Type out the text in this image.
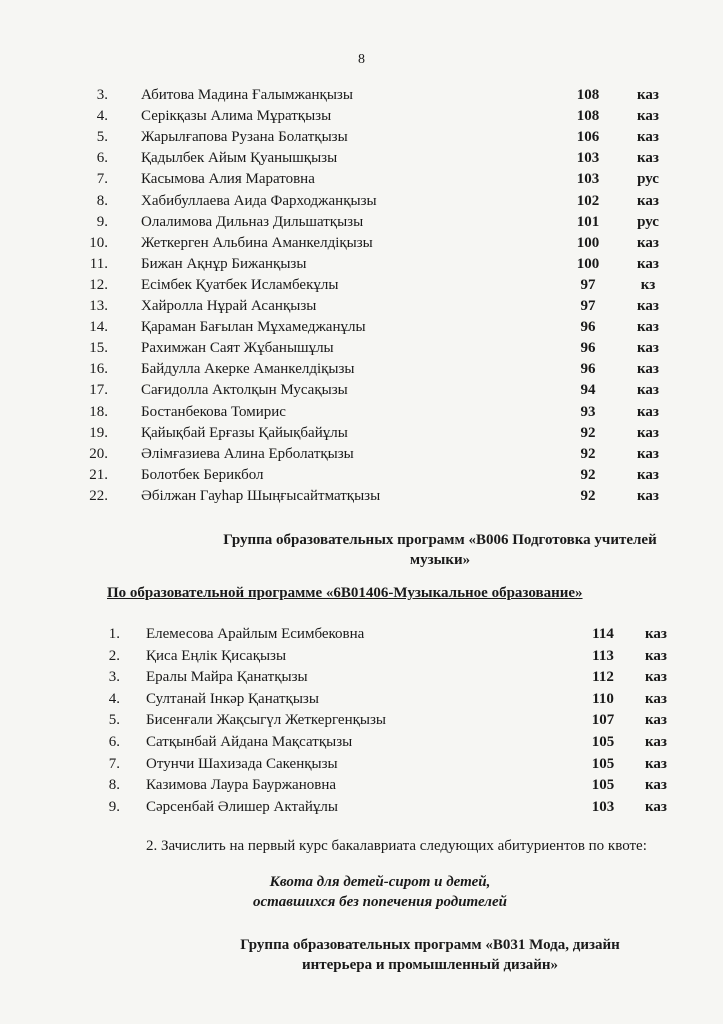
8
3. Абитова Мадина Ғалымжанқызы	108	каз
4. Серікқазы Алима Мұратқызы	108	каз
5. Жарылғапова Рузана Болатқызы	106	каз
6. Қадылбек Айым Қуанышқызы	103	каз
7. Касымова Алия Маратовна	103	рус
8. Хабибуллаева Аида Фарходжанқызы	102	каз
9. Олалимова Дильназ Дильшатқызы	101	рус
10. Жеткерген Альбина Аманкелдіқызы	100	каз
11. Бижан Ақнұр Бижанқызы	100	каз
12. Есімбек Қуатбек Исламбекұлы	97	кз
13. Хайролла Нұрай Асанқызы	97	каз
14. Қараман Бағылан Мұхамеджанұлы	96	каз
15. Рахимжан Саят Жұбанышұлы	96	каз
16. Байдулла Акерке Аманкелдіқызы	96	каз
17. Сағидолла Актолқын Мусақызы	94	каз
18. Бостанбекова Томирис	93	каз
19. Қайықбай Ерғазы Қайықбайұлы	92	каз
20. Әлімғазиева Алина Ерболатқызы	92	каз
21. Болотбек Берикбол	92	каз
22. Әбілжан Гауһар Шыңғысайтматқызы	92	каз
Группа образовательных программ «В006 Подготовка учителей
музыки»
По образовательной программе «6В01406-Музыкальное образование»
1. Елемесова Арайлым Есимбековна	114	каз
2. Қиса Еңлік Қисақызы	113	каз
3. Ералы Майра Қанатқызы	112	каз
4. Султанай Інкәр Қанатқызы	110	каз
5. Бисенғали Жақсыгүл Жеткергенқызы	107	каз
6. Сатқынбай Айдана Мақсатқызы	105	каз
7. Отунчи Шахизада Сакенқызы	105	каз
8. Казимова Лаура Бауржановна	105	каз
9. Сәрсенбай Әлишер Актайұлы	103	каз
2. Зачислить на первый курс бакалавриата следующих абитуриентов по квоте:
Квота для детей-сирот и детей,
оставшихся без попечения родителей
Группа образовательных программ «В031 Мода, дизайн
интерьера и промышленный дизайн»
